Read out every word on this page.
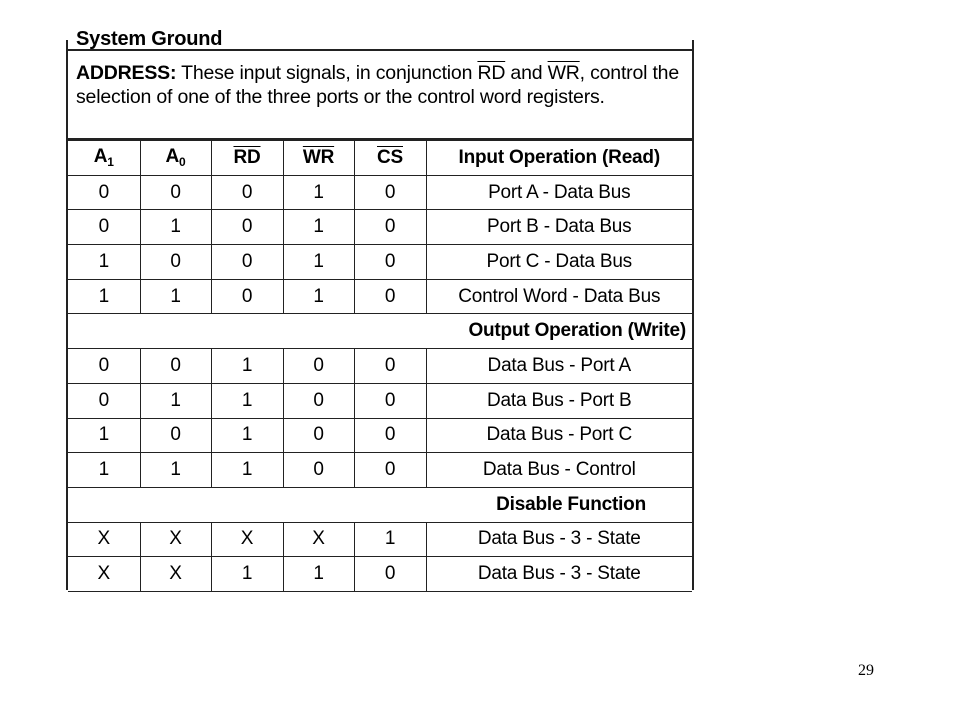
System Ground
ADDRESS: These input signals, in conjunction $\overline{RD}$ and $\overline{WR}$, control the selection of one of the three ports or the control word registers.
$A_1$	$A_0$	$\overline{RD}$	$\overline{WR}$	$\overline{CS}$	Input Operation (Read)
0	0	0	1	0	Port A - Data Bus
0	1	0	1	0	Port B - Data Bus
1	0	0	1	0	Port C - Data Bus
1	1	0	1	0	Control Word - Data Bus
Output Operation (Write)					
0	0	1	0	0	Data Bus - Port A
0	1	1	0	0	Data Bus - Port B
1	0	1	0	0	Data Bus - Port C
1	1	1	0	0	Data Bus - Control
Disable Function					
X	X	X	X	1	Data Bus - 3 - State
X	X	1	1	0	Data Bus - 3 - State
29
